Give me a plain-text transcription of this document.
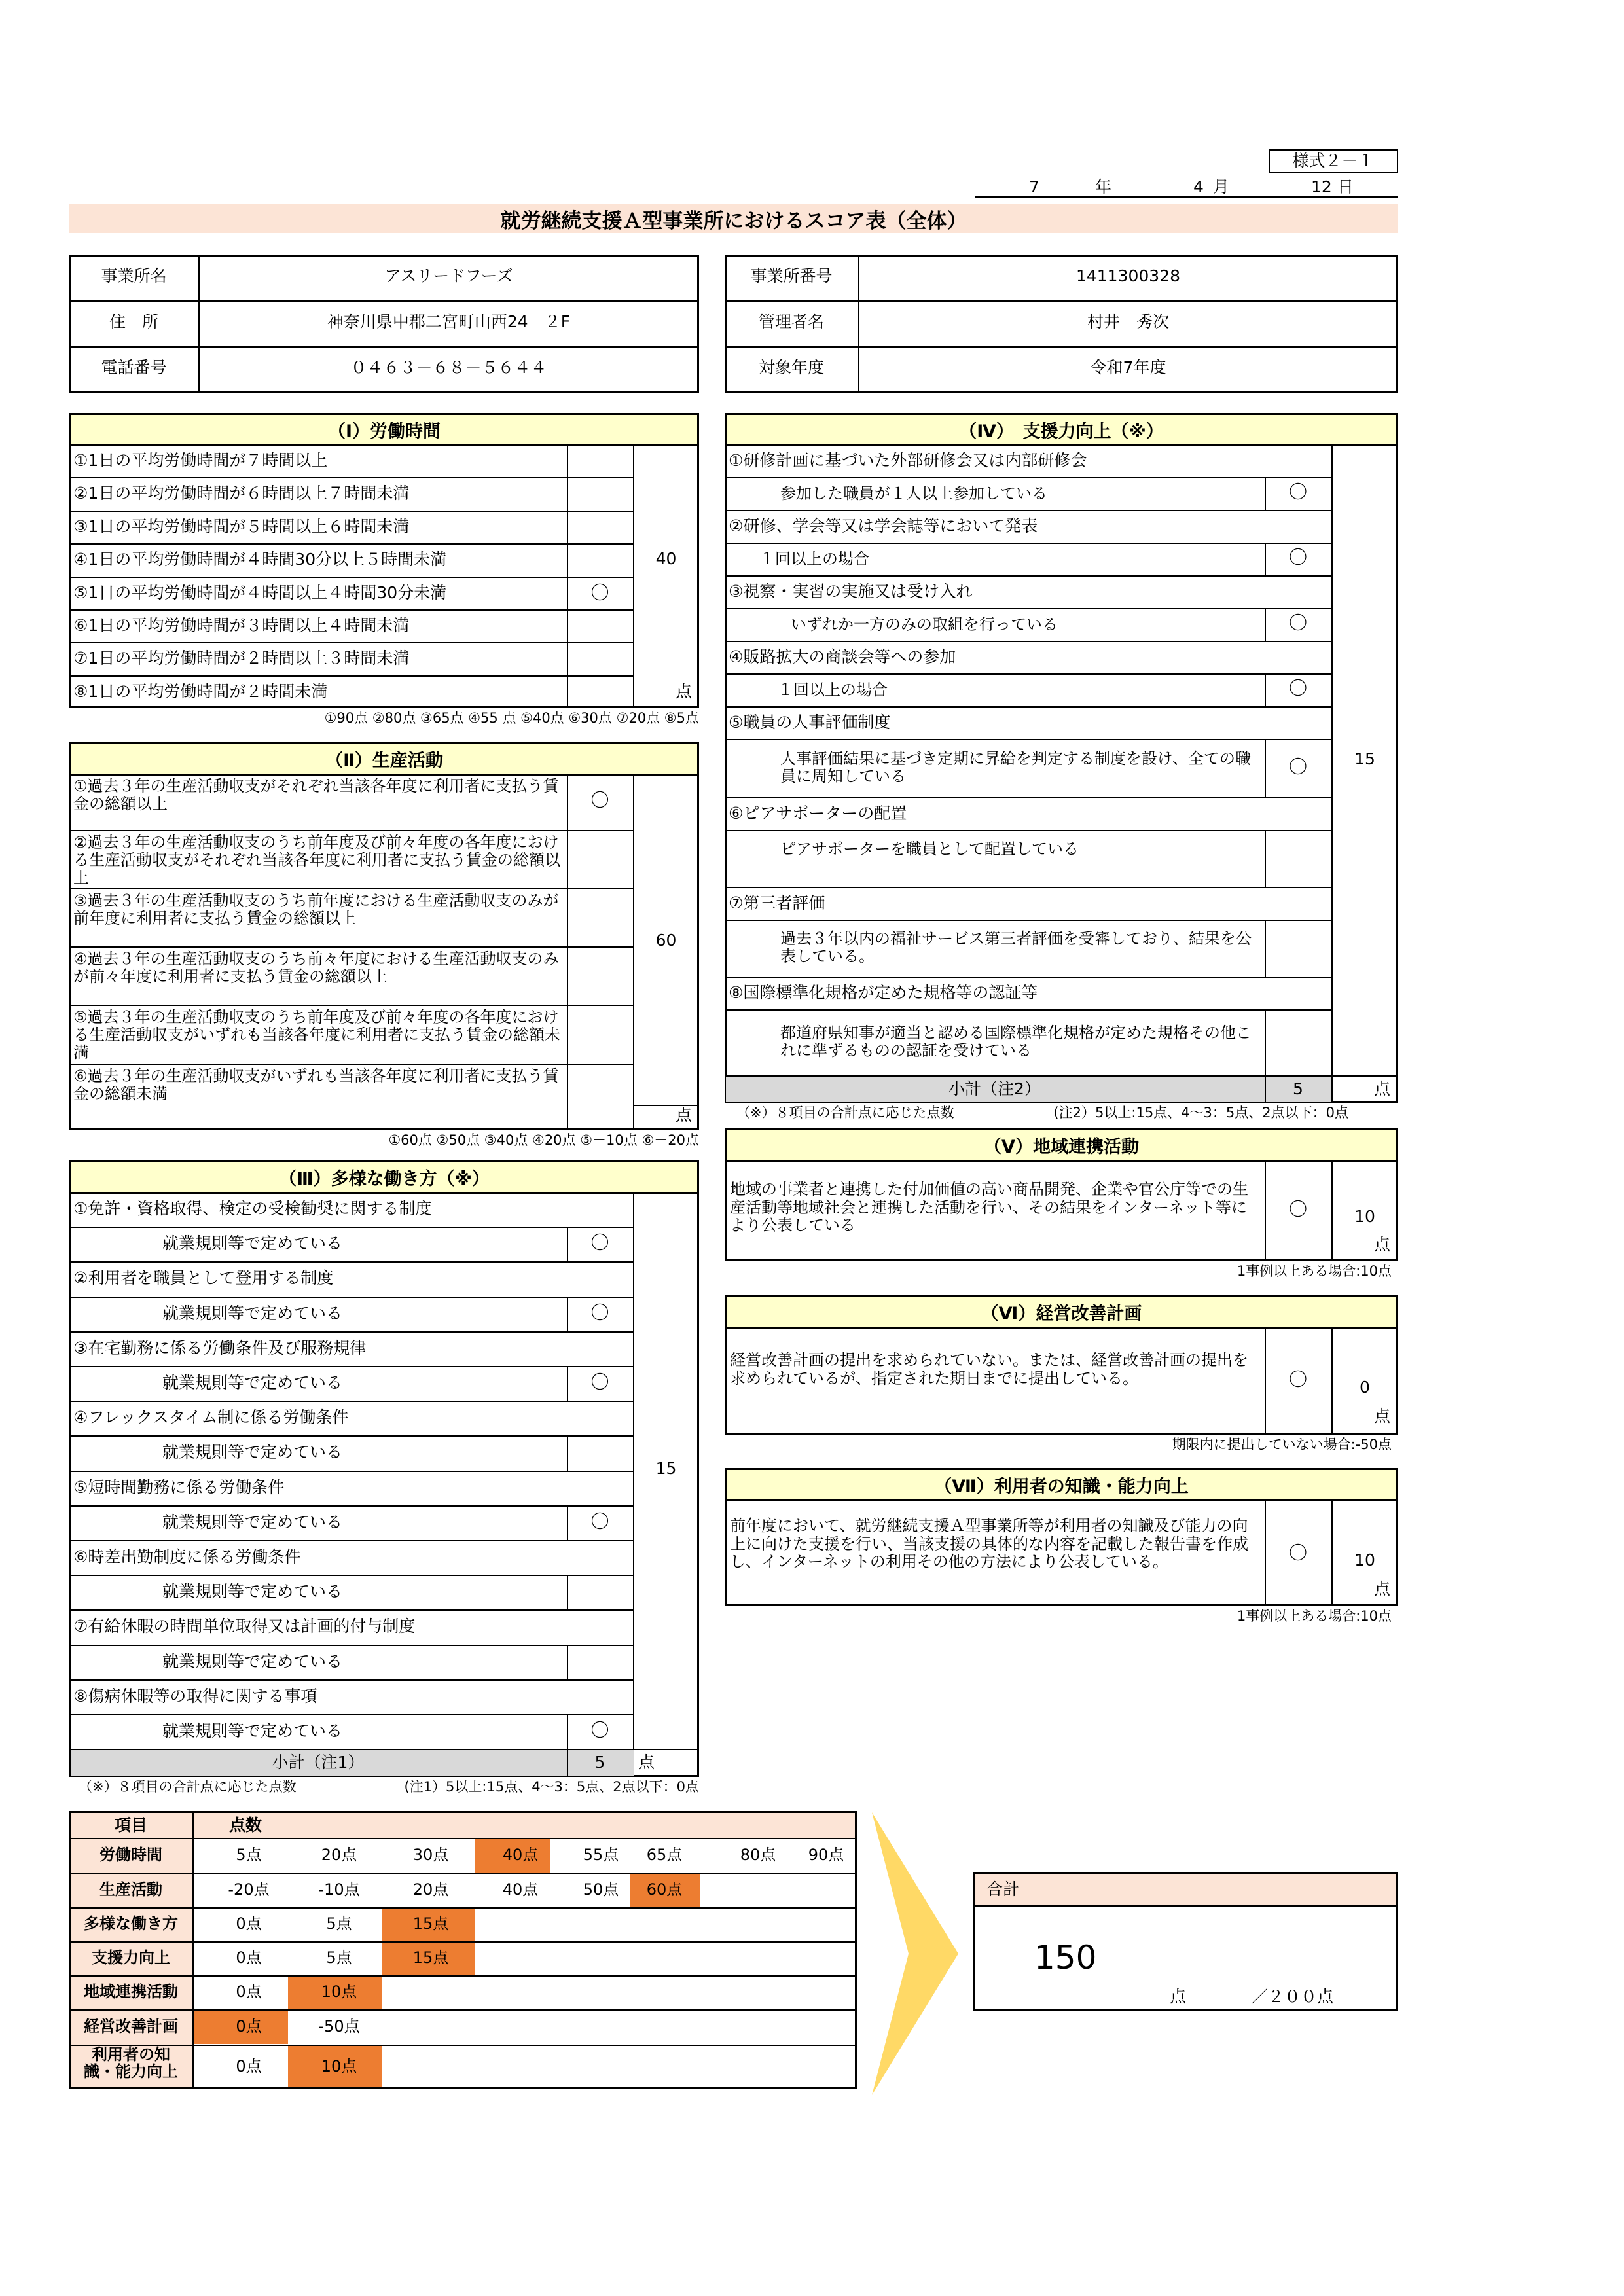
様式２－１
7	年	4 月	12 日
就労継続支援Ａ型事業所におけるスコア表（全体）
事業所名	アスリードフーズ
住　所	神奈川県中郡二宮町山西24　２F
電話番号	０４６３－６８－５６４４
事業所番号	1411300328
管理者名	村井　秀次
対象年度	令和7年度
（Ⅰ）労働時間
①1日の平均労働時間が７時間以上
②1日の平均労働時間が６時間以上７時間未満
③1日の平均労働時間が５時間以上６時間未満
④1日の平均労働時間が４時間30分以上５時間未満
⑤1日の平均労働時間が４時間以上４時間30分未満	〇
⑥1日の平均労働時間が３時間以上４時間未満
⑦1日の平均労働時間が２時間以上３時間未満
⑧1日の平均労働時間が２時間未満
40
点
①90点 ②80点 ③65点 ④55 点 ⑤40点 ⑥30点 ⑦20点 ⑧5点
（Ⅱ）生産活動
①過去３年の生産活動収支がそれぞれ当該各年度に利用者に支払う賃金の総額以上	〇
②過去３年の生産活動収支のうち前年度及び前々年度の各年度における生産活動収支がそれぞれ当該各年度に利用者に支払う賃金の総額以上
③過去３年の生産活動収支のうち前年度における生産活動収支のみが前年度に利用者に支払う賃金の総額以上
④過去３年の生産活動収支のうち前々年度における生産活動収支のみが前々年度に利用者に支払う賃金の総額以上
⑤過去３年の生産活動収支のうち前年度及び前々年度の各年度における生産活動収支がいずれも当該各年度に利用者に支払う賃金の総額未満
⑥過去３年の生産活動収支がいずれも当該各年度に利用者に支払う賃金の総額未満
60
点
①60点 ②50点 ③40点 ④20点 ⑤－10点 ⑥－20点
（Ⅲ）多様な働き方（※）
①免許・資格取得、検定の受検勧奨に関する制度
就業規則等で定めている	〇
②利用者を職員として登用する制度
就業規則等で定めている	〇
③在宅勤務に係る労働条件及び服務規律
就業規則等で定めている	〇
④フレックスタイム制に係る労働条件
就業規則等で定めている
⑤短時間勤務に係る労働条件
就業規則等で定めている	〇
⑥時差出勤制度に係る労働条件
就業規則等で定めている
⑦有給休暇の時間単位取得又は計画的付与制度
就業規則等で定めている
⑧傷病休暇等の取得に関する事項
就業規則等で定めている	〇
15
小計（注1）	5	点
（※）８項目の合計点に応じた点数	(注1）5以上:15点、4～3：5点、2点以下：0点
（Ⅳ）　支援力向上（※）
①研修計画に基づいた外部研修会又は内部研修会
参加した職員が１人以上参加している	〇
②研修、学会等又は学会誌等において発表
１回以上の場合	〇
③視察・実習の実施又は受け入れ
いずれか一方のみの取組を行っている	〇
④販路拡大の商談会等への参加
１回以上の場合	〇
⑤職員の人事評価制度
人事評価結果に基づき定期に昇給を判定する制度を設け、全ての職員に周知している	〇
⑥ピアサポーターの配置
ピアサポーターを職員として配置している
⑦第三者評価
過去３年以内の福祉サービス第三者評価を受審しており、結果を公表している。
⑧国際標準化規格が定めた規格等の認証等
都道府県知事が適当と認める国際標準化規格が定めた規格その他これに準ずるものの認証を受けている
15
小計（注2）	5	点
（※）８項目の合計点に応じた点数	(注2）5以上:15点、4～3：5点、2点以下：0点
（Ⅴ）地域連携活動
地域の事業者と連携した付加価値の高い商品開発、企業や官公庁等での生産活動等地域社会と連携した活動を行い、その結果をインターネット等により公表している
〇	10
点
1事例以上ある場合:10点
（Ⅵ）経営改善計画
経営改善計画の提出を求められていない。または、経営改善計画の提出を求められているが、指定された期日までに提出している。	〇	0
点
期限内に提出していない場合:-50点
（Ⅶ）利用者の知識・能力向上
前年度において、就労継続支援Ａ型事業所等が利用者の知識及び能力の向上に向けた支援を行い、当該支援の具体的な内容を記載した報告書を作成し、インターネットの利用その他の方法により公表している。	〇	10
点
1事例以上ある場合:10点
項目	点数
労働時間	5点	20点	30点	40点	55点	65点	80点	90点
生産活動	-20点	-10点	20点	40点	50点	60点
多様な働き方	0点	5点	15点
支援力向上	0点	5点	15点
地域連携活動	0点	10点
経営改善計画	0点	-50点
利用者の知
識・能力向上	0点	10点
合計
150
点	／２００点
